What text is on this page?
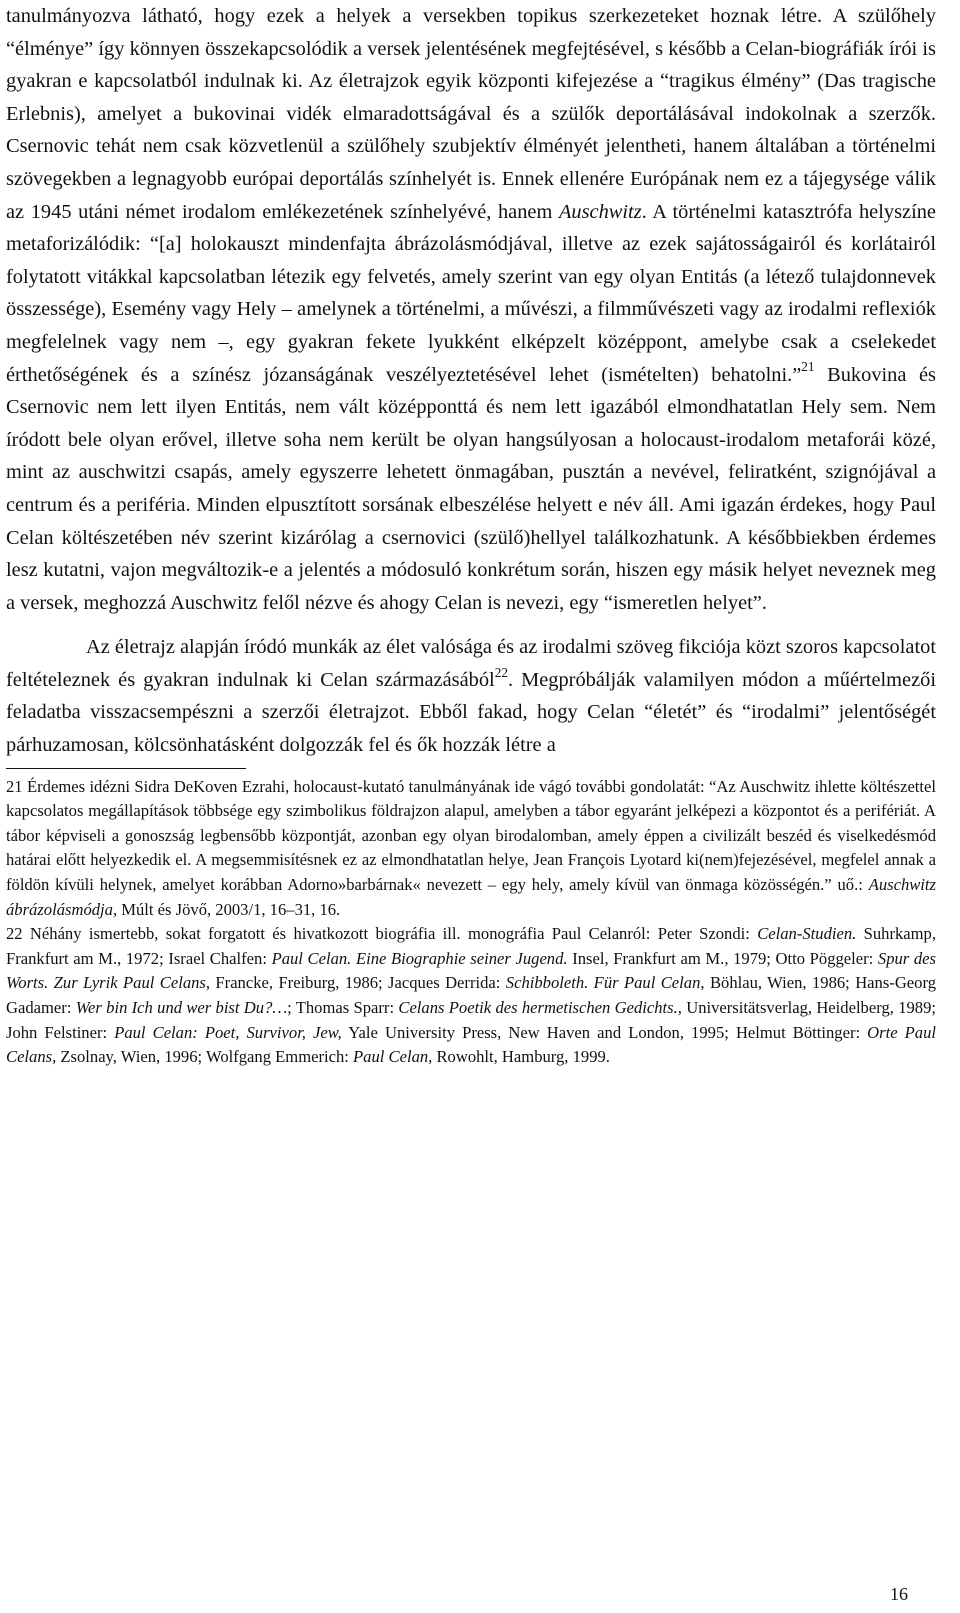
tanulmányozva látható, hogy ezek a helyek a versekben topikus szerkezeteket hoznak létre. A szülőhely “élménye” így könnyen összekapcsolódik a versek jelentésének megfejtésével, s később a Celan-biográfiák írói is gyakran e kapcsolatból indulnak ki. Az életrajzok egyik központi kifejezése a “tragikus élmény” (Das tragische Erlebnis), amelyet a bukovinai vidék elmaradottságával és a szülők deportálásával indokolnak a szerzők. Csernovic tehát nem csak közvetlenül a szülőhely szubjektív élményét jelentheti, hanem általában a történelmi szövegekben a legnagyobb európai deportálás színhelyét is. Ennek ellenére Európának nem ez a tájegysége válik az 1945 utáni német irodalom emlékezetének színhelyévé, hanem Auschwitz. A történelmi katasztrófa helyszíne metaforizálódik: “[a] holokauszt mindenfajta ábrázolásmódjával, illetve az ezek sajátosságairól és korlátairól folytatott vitákkal kapcsolatban létezik egy felvetés, amely szerint van egy olyan Entitás (a létező tulajdonnevek összessége), Esemény vagy Hely – amelynek a történelmi, a művészi, a filmművészeti vagy az irodalmi reflexiók megfelelnek vagy nem –, egy gyakran fekete lyukként elképzelt középpont, amelybe csak a cselekedet érthetőségének és a színész józanságának veszélyeztetésével lehet (ismételten) behatolni.”$^{21}$ Bukovina és Csernovic nem lett ilyen Entitás, nem vált középponttá és nem lett igazából elmondhatatlan Hely sem. Nem íródott bele olyan erővel, illetve soha nem került be olyan hangsúlyosan a holocaust-irodalom metaforái közé, mint az auschwitzi csapás, amely egyszerre lehetett önmagában, pusztán a nevével, feliratként, szignójával a centrum és a periféria. Minden elpusztított sorsának elbeszélése helyett e név áll. Ami igazán érdekes, hogy Paul Celan költészetében név szerint kizárólag a csernovici (szülő)hellyel találkozhatunk. A későbbiekben érdemes lesz kutatni, vajon megváltozik-e a jelentés a módosuló konkrétum során, hiszen egy másik helyet neveznek meg a versek, meghozzá Auschwitz felől nézve és ahogy Celan is nevezi, egy “ismeretlen helyet”.

Az életrajz alapján íródó munkák az élet valósága és az irodalmi szöveg fikciója közt szoros kapcsolatot feltételeznek és gyakran indulnak ki Celan származásából$^{22}$. Megpróbálják valamilyen módon a műértelmezői feladatba visszacsempészni a szerzői életrajzot. Ebből fakad, hogy Celan “életét” és “irodalmi” jelentőségét párhuzamosan, kölcsönhatásként dolgozzák fel és ők hozzák létre a

21 Érdemes idézni Sidra DeKoven Ezrahi, holocaust-kutató tanulmányának ide vágó további gondolatát: “Az Auschwitz ihlette költészettel kapcsolatos megállapítások többsége egy szimbolikus földrajzon alapul, amelyben a tábor egyaránt jelképezi a központot és a perifériát. A tábor képviseli a gonoszság legbensőbb központját, azonban egy olyan birodalomban, amely éppen a civilizált beszéd és viselkedésmód határai előtt helyezkedik el. A megsemmisítésnek ez az elmondhatatlan helye, Jean François Lyotard ki(nem)fejezésével, megfelel annak a földön kívüli helynek, amelyet korábban Adorno»barbárnak« nevezett – egy hely, amely kívül van önmaga közösségén.” uő.: Auschwitz ábrázolásmódja, Múlt és Jövő, 2003/1, 16–31, 16.

22 Néhány ismertebb, sokat forgatott és hivatkozott biográfia ill. monográfia Paul Celanról: Peter Szondi: Celan-Studien. Suhrkamp, Frankfurt am M., 1972; Israel Chalfen: Paul Celan. Eine Biographie seiner Jugend. Insel, Frankfurt am M., 1979; Otto Pöggeler: Spur des Worts. Zur Lyrik Paul Celans, Francke, Freiburg, 1986; Jacques Derrida: Schibboleth. Für Paul Celan, Böhlau, Wien, 1986; Hans-Georg Gadamer: Wer bin Ich und wer bist Du?…; Thomas Sparr: Celans Poetik des hermetischen Gedichts., Universitätsverlag, Heidelberg, 1989; John Felstiner: Paul Celan: Poet, Survivor, Jew, Yale University Press, New Haven and London, 1995; Helmut Böttinger: Orte Paul Celans, Zsolnay, Wien, 1996; Wolfgang Emmerich: Paul Celan, Rowohlt, Hamburg, 1999.

16
